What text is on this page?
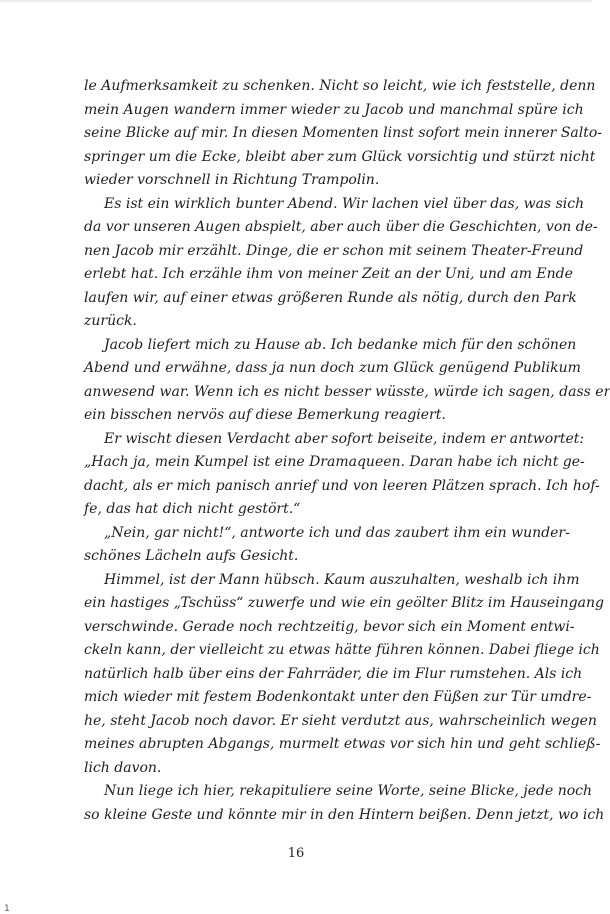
le Aufmerksamkeit zu schenken. Nicht so leicht, wie ich feststelle, denn
mein Augen wandern immer wieder zu Jacob und manchmal spüre ich
seine Blicke auf mir. In diesen Momenten linst sofort mein innerer Salto-
springer um die Ecke, bleibt aber zum Glück vorsichtig und stürzt nicht
wieder vorschnell in Richtung Trampolin.
Es ist ein wirklich bunter Abend. Wir lachen viel über das, was sich
da vor unseren Augen abspielt, aber auch über die Geschichten, von de-
nen Jacob mir erzählt. Dinge, die er schon mit seinem Theater-Freund
erlebt hat. Ich erzähle ihm von meiner Zeit an der Uni, und am Ende
laufen wir, auf einer etwas größeren Runde als nötig, durch den Park
zurück.
Jacob liefert mich zu Hause ab. Ich bedanke mich für den schönen
Abend und erwähne, dass ja nun doch zum Glück genügend Publikum
anwesend war. Wenn ich es nicht besser wüsste, würde ich sagen, dass er
ein bisschen nervös auf diese Bemerkung reagiert.
Er wischt diesen Verdacht aber sofort beiseite, indem er antwortet:
„Hach ja, mein Kumpel ist eine Dramaqueen. Daran habe ich nicht ge-
dacht, als er mich panisch anrief und von leeren Plätzen sprach. Ich hof-
fe, das hat dich nicht gestört.“
„Nein, gar nicht!“, antworte ich und das zaubert ihm ein wunder-
schönes Lächeln aufs Gesicht.
Himmel, ist der Mann hübsch. Kaum auszuhalten, weshalb ich ihm
ein hastiges „Tschüss“ zuwerfe und wie ein geölter Blitz im Hauseingang
verschwinde. Gerade noch rechtzeitig, bevor sich ein Moment entwi-
ckeln kann, der vielleicht zu etwas hätte führen können. Dabei fliege ich
natürlich halb über eins der Fahrräder, die im Flur rumstehen. Als ich
mich wieder mit festem Bodenkontakt unter den Füßen zur Tür umdre-
he, steht Jacob noch davor. Er sieht verdutzt aus, wahrscheinlich wegen
meines abrupten Abgangs, murmelt etwas vor sich hin und geht schließ-
lich davon.
Nun liege ich hier, rekapituliere seine Worte, seine Blicke, jede noch
so kleine Geste und könnte mir in den Hintern beißen. Denn jetzt, wo ich
16
1
